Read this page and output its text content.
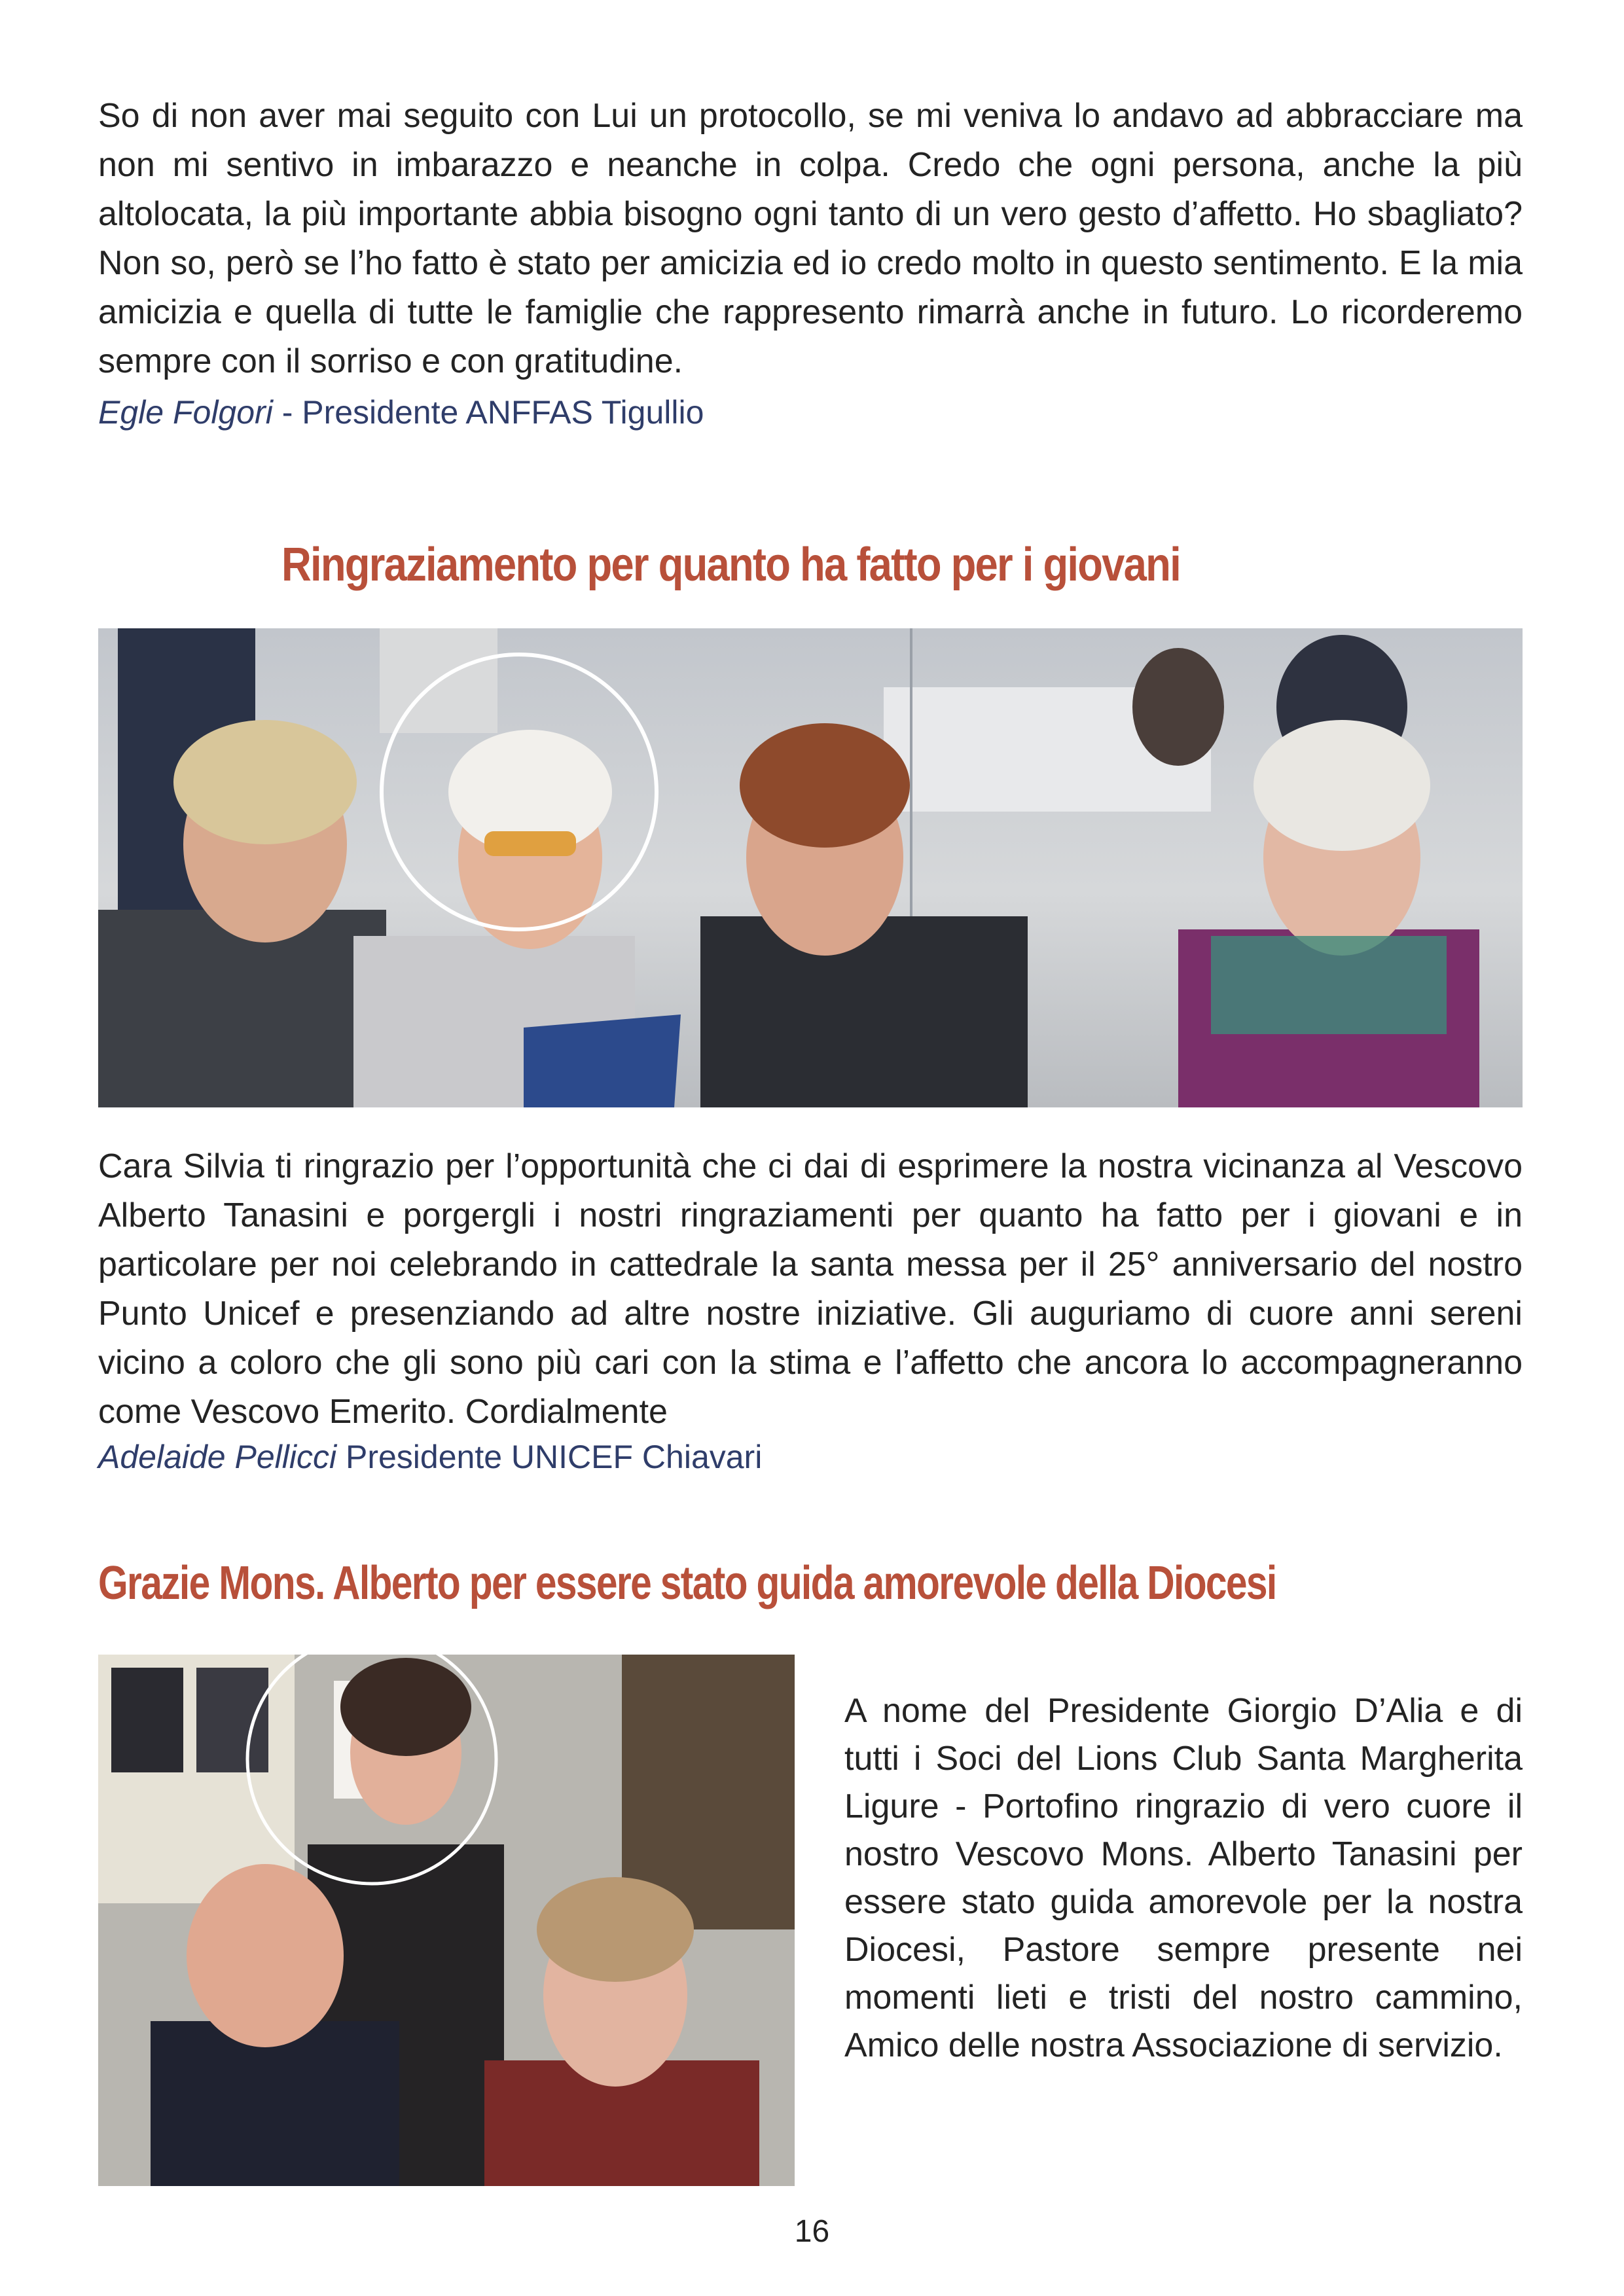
So di non aver mai seguito con Lui un protocollo, se mi veniva lo andavo ad abbracciare ma non mi sentivo in imbarazzo e neanche in colpa. Credo che ogni persona, anche la più altolocata, la più importante abbia bisogno ogni tanto di un vero gesto d’affetto. Ho sbagliato? Non so, però se l’ho fatto è stato per amicizia ed io credo molto in questo sentimento. E la mia amicizia e quella di tutte le famiglie che rappresento rimarrà anche in futuro. Lo ricorderemo sempre con il sorriso e con gratitudine.

Egle Folgori - Presidente ANFFAS Tigullio

Ringraziamento per quanto ha fatto per i giovani

Cara Silvia ti ringrazio per l’opportunità che ci dai di esprimere la nostra vicinanza al Vescovo Alberto Tanasini e porgergli i nostri ringraziamenti per quanto ha fatto per i giovani e in particolare per noi celebrando in cattedrale la santa messa per il 25° anniversario del nostro Punto Unicef e presenziando ad altre nostre iniziative. Gli auguriamo di cuore anni sereni vicino a coloro che gli sono più cari con la stima e l’affetto che ancora lo accompagneranno come Vescovo Emerito. Cordialmente

Adelaide Pellicci Presidente UNICEF Chiavari

Grazie Mons. Alberto per essere stato guida amorevole della Diocesi

A nome del Presidente Giorgio D’Alia e di tutti i Soci del Lions Club Santa Margherita Ligure - Portofino ringrazio di vero cuore il nostro Vescovo Mons. Alberto Tanasini per essere stato guida amorevole per la nostra Diocesi, Pastore sempre presente nei momenti lieti e tristi del nostro cammino, Amico delle nostra Associazione di servizio.

16
